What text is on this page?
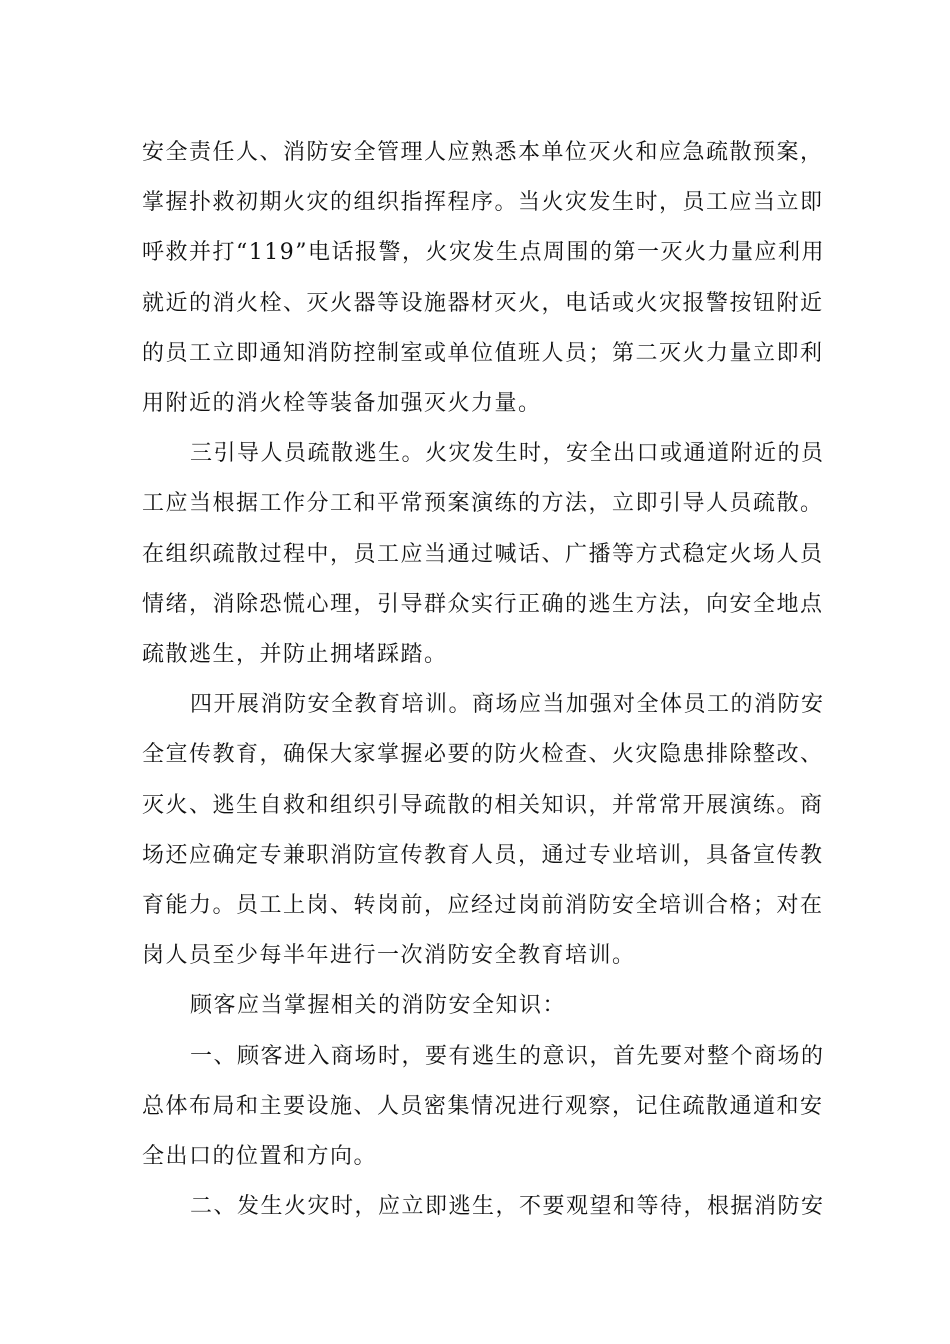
安全责任人、消防安全管理人应熟悉本单位灭火和应急疏散预案，
掌握扑救初期火灾的组织指挥程序。当火灾发生时，员工应当立即
呼救并打“119”电话报警，火灾发生点周围的第一灭火力量应利用
就近的消火栓、灭火器等设施器材灭火，电话或火灾报警按钮附近
的员工立即通知消防控制室或单位值班人员；第二灭火力量立即利
用附近的消火栓等装备加强灭火力量。

三引导人员疏散逃生。火灾发生时，安全出口或通道附近的员
工应当根据工作分工和平常预案演练的方法，立即引导人员疏散。
在组织疏散过程中，员工应当通过喊话、广播等方式稳定火场人员
情绪，消除恐慌心理，引导群众实行正确的逃生方法，向安全地点
疏散逃生，并防止拥堵踩踏。

四开展消防安全教育培训。商场应当加强对全体员工的消防安
全宣传教育，确保大家掌握必要的防火检查、火灾隐患排除整改、
灭火、逃生自救和组织引导疏散的相关知识，并常常开展演练。商
场还应确定专兼职消防宣传教育人员，通过专业培训，具备宣传教
育能力。员工上岗、转岗前，应经过岗前消防安全培训合格；对在
岗人员至少每半年进行一次消防安全教育培训。

顾客应当掌握相关的消防安全知识：

一、顾客进入商场时，要有逃生的意识，首先要对整个商场的
总体布局和主要设施、人员密集情况进行观察，记住疏散通道和安
全出口的位置和方向。

二、发生火灾时，应立即逃生，不要观望和等待，根据消防安
